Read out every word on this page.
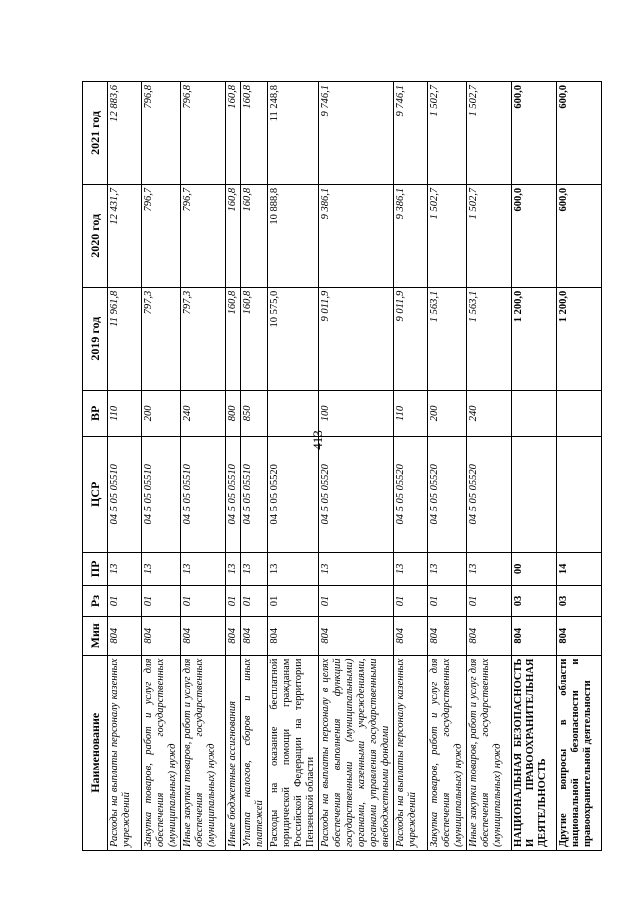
413
Наименование	Мин	Рз	ПР	ЦСР	ВР	2019 год	2020 год	2021 год
Расходы на выплаты персоналу казенных учреждений	804	01	13	04 5 05 05510	110	11 961,8	12 431,7	12 883,6
Закупка товаров, работ и услуг для обеспечения государственных (муниципальных) нужд	804	01	13	04 5 05 05510	200	797,3	796,7	796,8
Иные закупки товаров, работ и услуг для обеспечения государственных (муниципальных) нужд	804	01	13	04 5 05 05510	240	797,3	796,7	796,8
Иные бюджетные ассигнования	804	01	13	04 5 05 05510	800	160,8	160,8	160,8
Уплата налогов, сборов и иных платежей	804	01	13	04 5 05 05510	850	160,8	160,8	160,8
Расходы на оказание бесплатной юридической помощи гражданам Российской Федерации на территории Пензенской области	804	01	13	04 5 05 05520		10 575,0	10 888,8	11 248,8
Расходы на выплаты персоналу в целях обеспечения выполнения функций государственными (муниципальными) органами, казенными учреждениями, органами управления государственными внебюджетными фондами	804	01	13	04 5 05 05520	100	9 011,9	9 386,1	9 746,1
Расходы на выплаты персоналу казенных учреждений	804	01	13	04 5 05 05520	110	9 011,9	9 386,1	9 746,1
Закупка товаров, работ и услуг для обеспечения государственных (муниципальных) нужд	804	01	13	04 5 05 05520	200	1 563,1	1 502,7	1 502,7
Иные закупки товаров, работ и услуг для обеспечения государственных (муниципальных) нужд	804	01	13	04 5 05 05520	240	1 563,1	1 502,7	1 502,7
НАЦИОНАЛЬНАЯ БЕЗОПАСНОСТЬ И ПРАВООХРАНИТЕЛЬНАЯ ДЕЯТЕЛЬНОСТЬ	804	03	00			1 200,0	600,0	600,0
Другие вопросы в области национальной безопасности и правоохранительной деятельности	804	03	14			1 200,0	600,0	600,0
